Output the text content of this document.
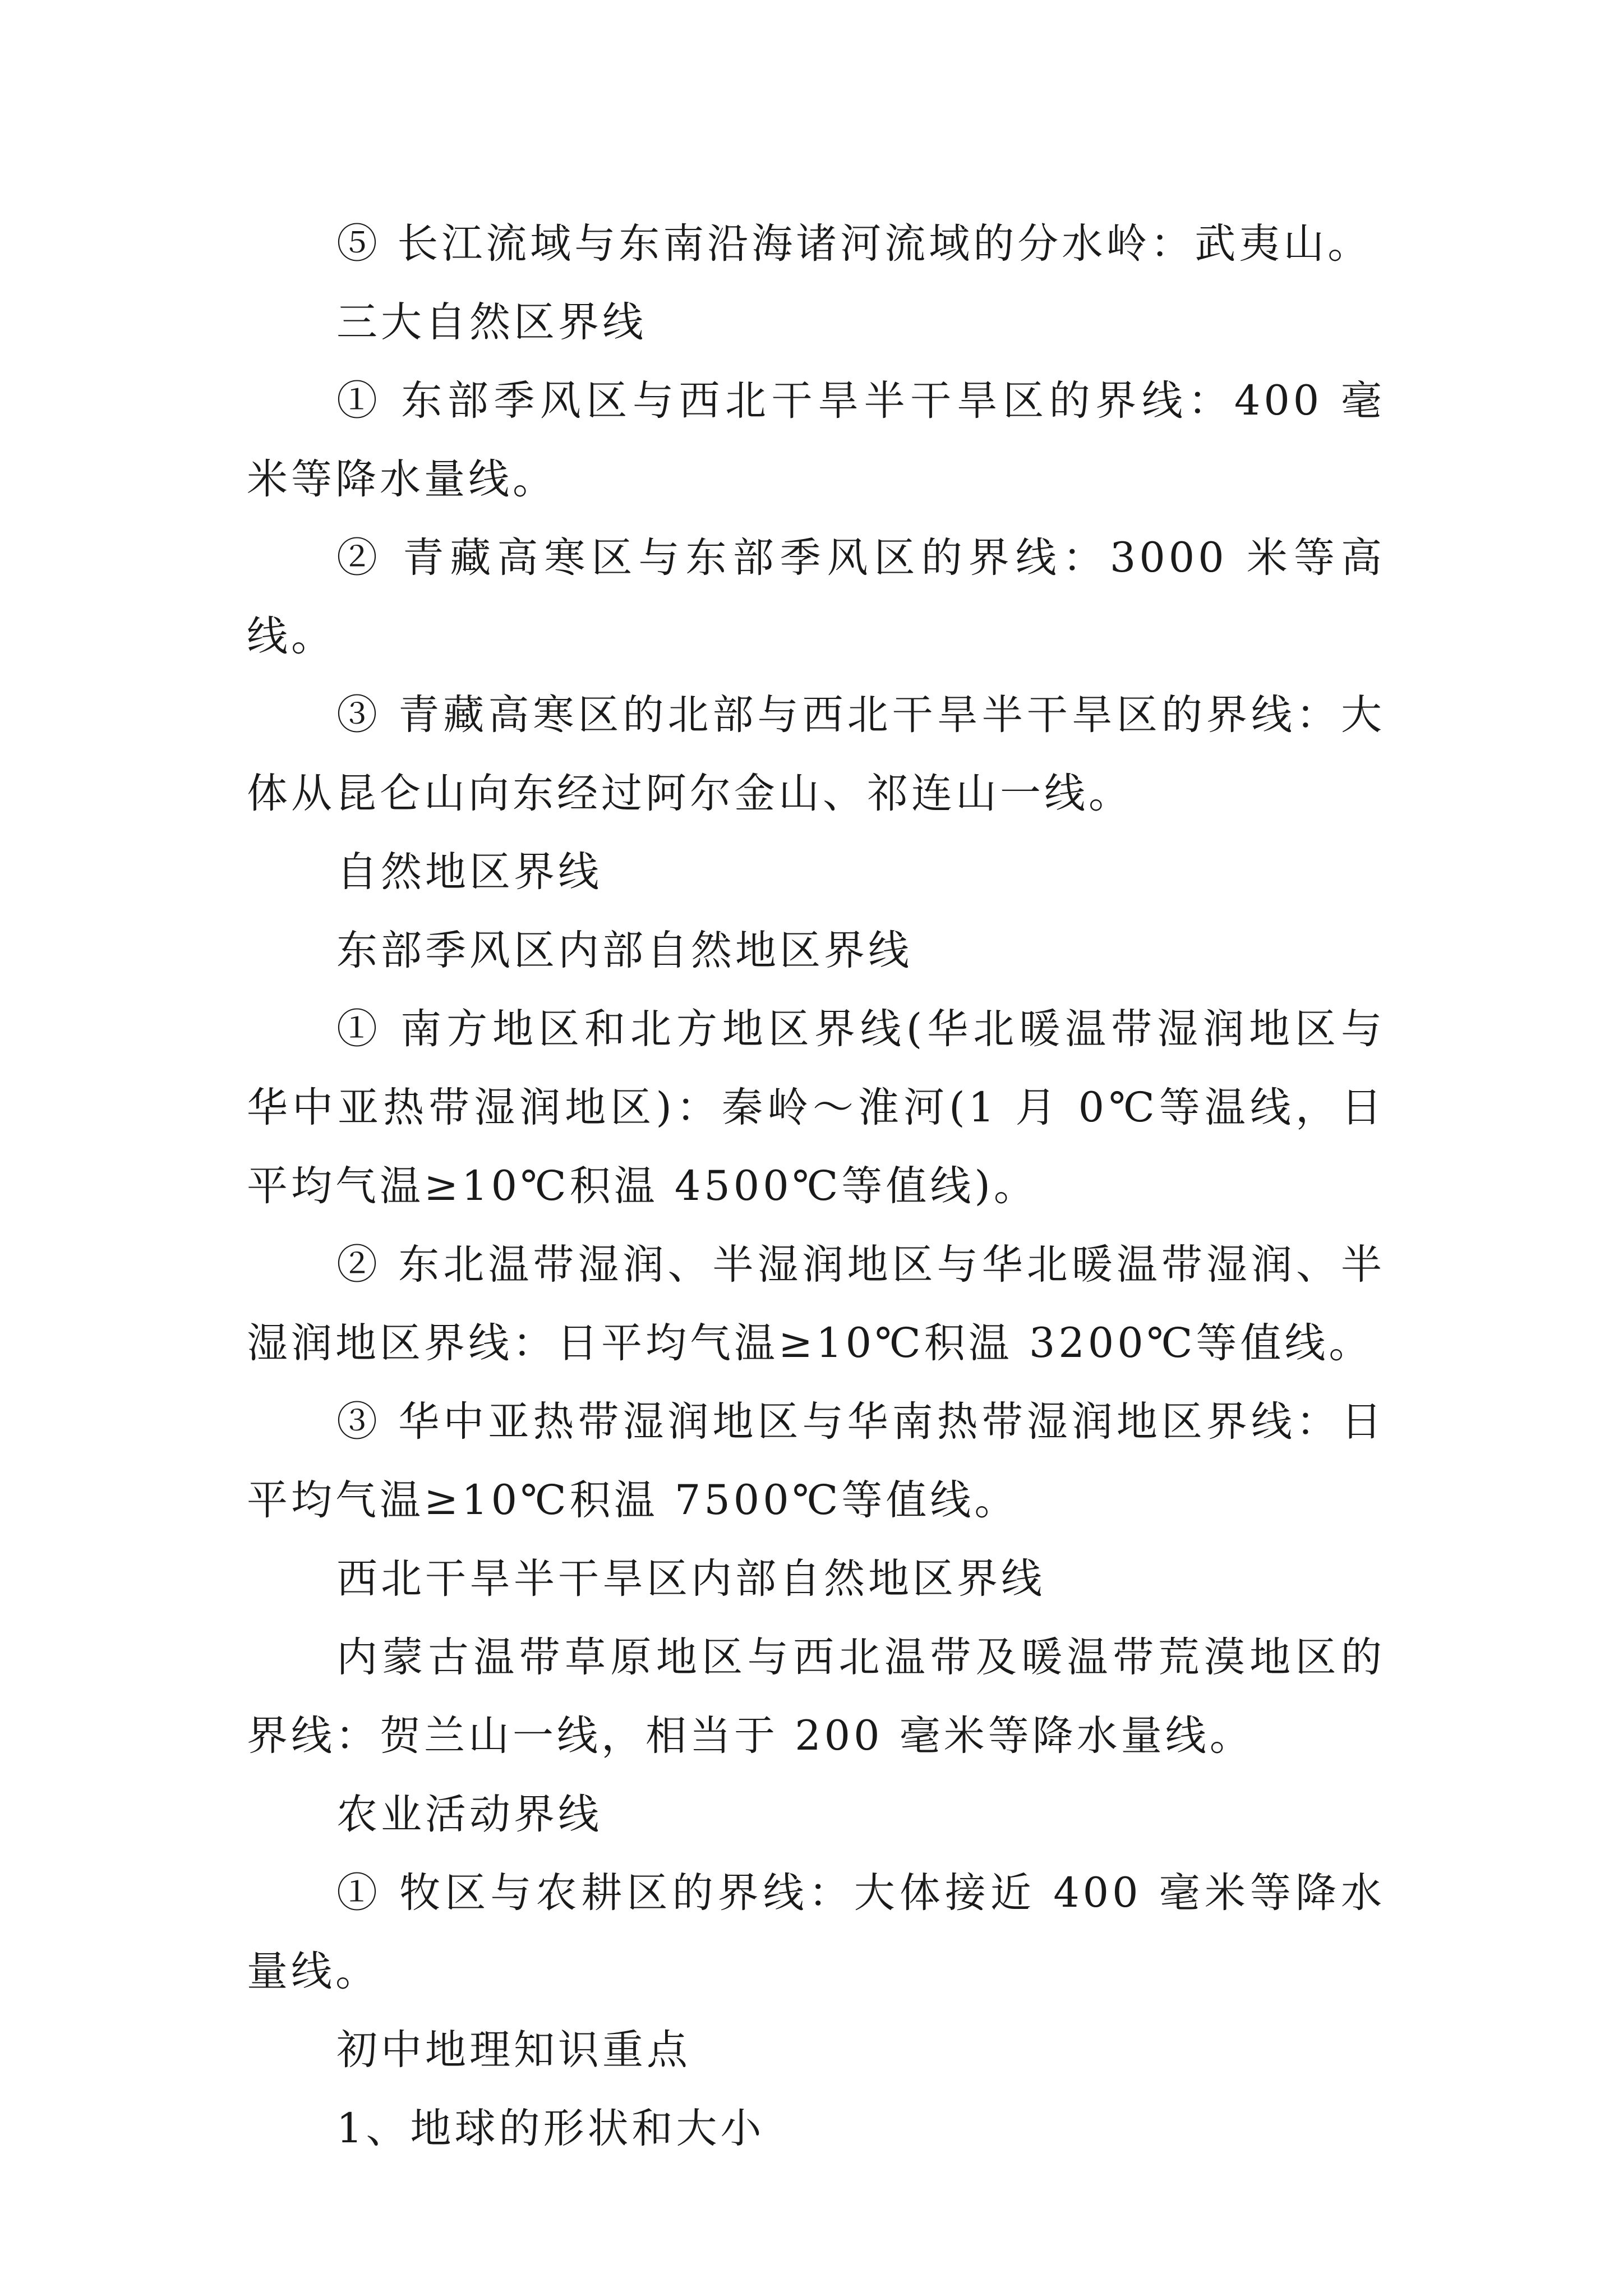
⑤ 长江流域与东南沿海诸河流域的分水岭：武夷山。

三大自然区界线

① 东部季风区与西北干旱半干旱区的界线：400 毫米等降水量线。

② 青藏高寒区与东部季风区的界线：3000 米等高线。

③ 青藏高寒区的北部与西北干旱半干旱区的界线：大体从昆仑山向东经过阿尔金山、祁连山一线。

自然地区界线

东部季风区内部自然地区界线

① 南方地区和北方地区界线(华北暖温带湿润地区与华中亚热带湿润地区)：秦岭～淮河(1 月 0℃等温线，日平均气温≥10℃积温 4500℃等值线)。

② 东北温带湿润、半湿润地区与华北暖温带湿润、半湿润地区界线：日平均气温≥10℃积温 3200℃等值线。

③ 华中亚热带湿润地区与华南热带湿润地区界线：日平均气温≥10℃积温 7500℃等值线。

西北干旱半干旱区内部自然地区界线

内蒙古温带草原地区与西北温带及暖温带荒漠地区的界线：贺兰山一线，相当于 200 毫米等降水量线。

农业活动界线

① 牧区与农耕区的界线：大体接近 400 毫米等降水量线。

初中地理知识重点

1、地球的形状和大小
